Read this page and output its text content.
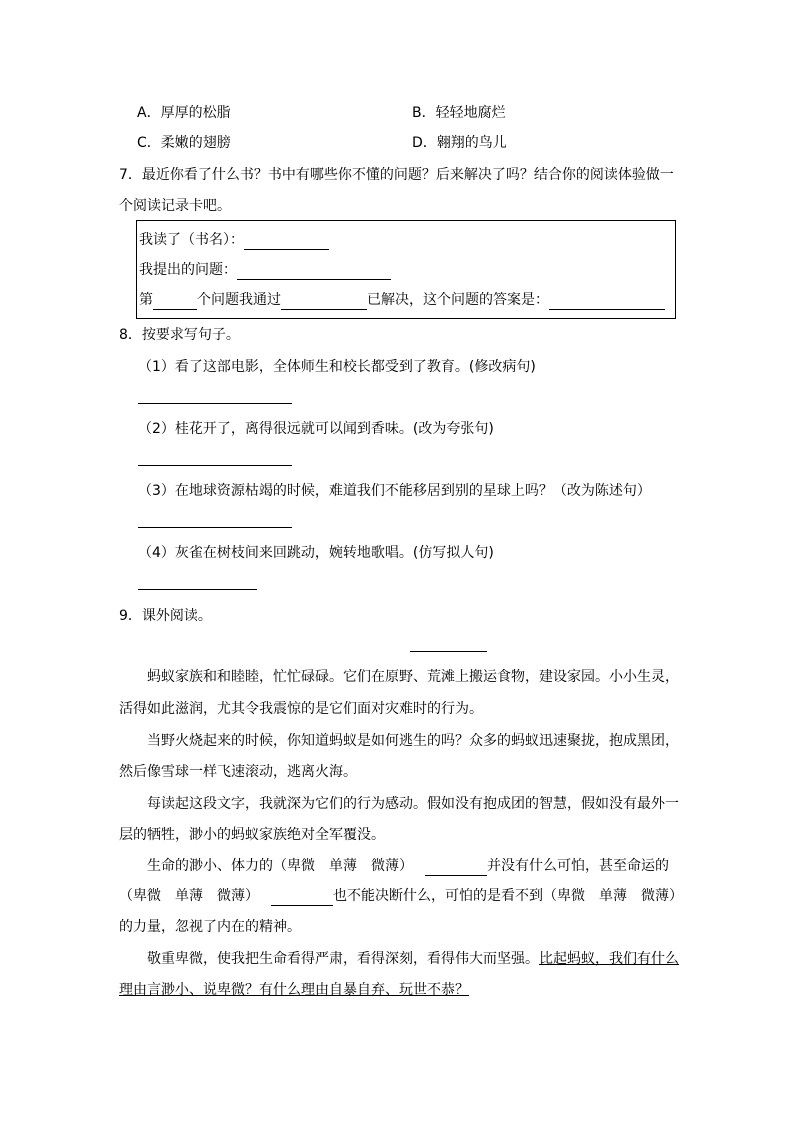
A．厚厚的松脂	B．轻轻地腐烂
C．柔嫩的翅膀	D．翱翔的鸟儿
7．最近你看了什么书？书中有哪些你不懂的问题？后来解决了吗？结合你的阅读体验做一
个阅读记录卡吧。
我读了（书名）：
我提出的问题：
第	个问题我通过	已解决，这个问题的答案是：
8．按要求写句子。
（1）看了这部电影，全体师生和校长都受到了教育。(修改病句)
（2）桂花开了，离得很远就可以闻到香味。(改为夸张句)
（3）在地球资源枯竭的时候，难道我们不能移居到别的星球上吗？（改为陈述句）
（4）灰雀在树枝间来回跳动，婉转地歌唱。(仿写拟人句)
9．课外阅读。
蚂蚁家族和和睦睦，忙忙碌碌。它们在原野、荒滩上搬运食物，建设家园。小小生灵，
活得如此滋润，尤其令我震惊的是它们面对灾难时的行为。
当野火烧起来的时候，你知道蚂蚁是如何逃生的吗？众多的蚂蚁迅速聚拢，抱成黑团，
然后像雪球一样飞速滚动，逃离火海。
每读起这段文字，我就深为它们的行为感动。假如没有抱成团的智慧，假如没有最外一
层的牺牲，渺小的蚂蚁家族绝对全军覆没。
生命的渺小、体力的（卑微　单薄　微薄）	并没有什么可怕，甚至命运的
（卑微　单薄　微薄）	也不能决断什么，可怕的是看不到（卑微　单薄　微薄）
的力量，忽视了内在的精神。
敬重卑微，使我把生命看得严肃，看得深刻，看得伟大而坚强。比起蚂蚁，我们有什么
理由言渺小、说卑微？有什么理由自暴自弃、玩世不恭？
